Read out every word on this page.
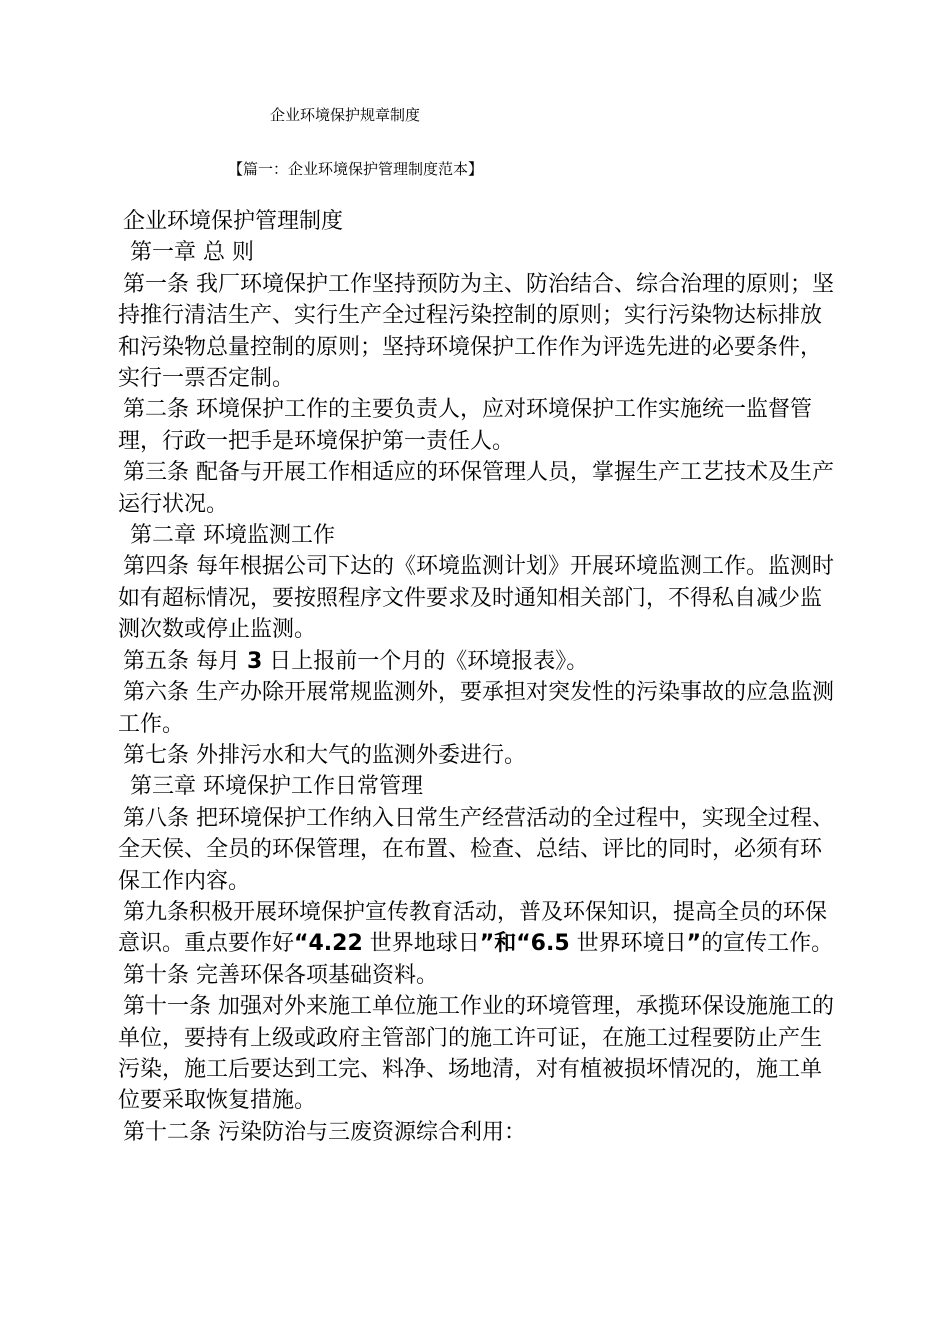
企业环境保护规章制度
【篇一：企业环境保护管理制度范本】

企业环境保护管理制度

第一章 总 则

第一条 我厂环境保护工作坚持预防为主、防治结合、综合治理的原则；坚持推行清洁生产、实行生产全过程污染控制的原则；实行污染物达标排放和污染物总量控制的原则；坚持环境保护工作作为评选先进的必要条件，实行一票否定制。

第二条 环境保护工作的主要负责人，应对环境保护工作实施统一监督管理，行政一把手是环境保护第一责任人。

第三条 配备与开展工作相适应的环保管理人员，掌握生产工艺技术及生产运行状况。

第二章 环境监测工作

第四条 每年根据公司下达的《环境监测计划》开展环境监测工作。监测时如有超标情况，要按照程序文件要求及时通知相关部门，不得私自减少监测次数或停止监测。

第五条 每月 3 日上报前一个月的《环境报表》。

第六条 生产办除开展常规监测外，要承担对突发性的污染事故的应急监测工作。

第七条 外排污水和大气的监测外委进行。

第三章 环境保护工作日常管理

第八条 把环境保护工作纳入日常生产经营活动的全过程中，实现全过程、全天侯、全员的环保管理，在布置、检查、总结、评比的同时，必须有环保工作内容。

第九条积极开展环境保护宣传教育活动，普及环保知识，提高全员的环保意识。重点要作好“4.22 世界地球日”和“6.5 世界环境日”的宣传工作。

第十条 完善环保各项基础资料。

第十一条 加强对外来施工单位施工作业的环境管理，承揽环保设施施工的单位，要持有上级或政府主管部门的施工许可证，在施工过程要防止产生污染，施工后要达到工完、料净、场地清，对有植被损坏情况的，施工单位要采取恢复措施。

第十二条 污染防治与三废资源综合利用：
